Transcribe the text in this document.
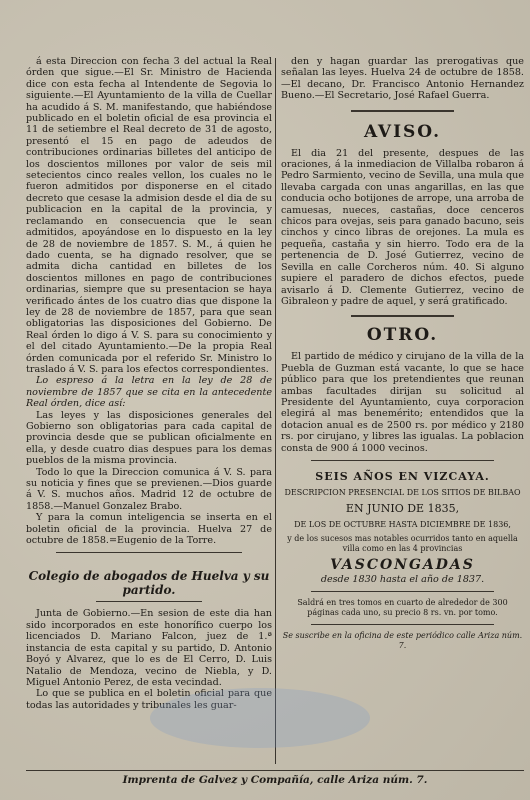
á esta Direccion con fecha 3 del actual la Real órden que sigue.—El Sr. Ministro de Hacienda dice con esta fecha al Intendente de Segovia lo siguiente.—El Ayuntamiento de la villa de Cuellar ha acudido á S. M. manifestando, que habiéndose publicado en el boletin oficial de esa provincia el 11 de setiembre el Real decreto de 31 de agosto, presentó el 15 en pago de adeudos de contribuciones ordinarias billetes del anticipo de los doscientos millones por valor de seis mil setecientos cinco reales vellon, los cuales no le fueron admitidos por disponerse en el citado decreto que cesase la admision desde el dia de su publicacion en la capital de la provincia, y reclamando en consecuencia que le sean admitidos, apoyándose en lo dispuesto en la ley de 28 de noviembre de 1857. S. M., á quien he dado cuenta, se ha dignado resolver, que se admita dicha cantidad en billetes de los doscientos millones en pago de contribuciones ordinarias, siempre que su presentacion se haya verificado ántes de los cuatro dias que dispone la ley de 28 de noviembre de 1857, para que sean obligatorias las disposiciones del Gobierno. De Real órden lo digo á V. S. para su conocimiento y el del citado Ayuntamiento.—De la propia Real órden comunicada por el referido Sr. Ministro lo traslado á V. S. para los efectos correspondientes.

Lo espreso á la letra en la ley de 28 de noviembre de 1857 que se cita en la antecedente Real órden, dice así:

Las leyes y las disposiciones generales del Gobierno son obligatorias para cada capital de provincia desde que se publican oficialmente en ella, y desde cuatro dias despues para los demas pueblos de la misma provincia.

Todo lo que la Direccion comunica á V. S. para su noticia y fines que se previenen.—Dios guarde á V. S. muchos años. Madrid 12 de octubre de 1858.—Manuel Gonzalez Brabo.

Y para la comun inteligencia se inserta en el boletin oficial de la provincia. Huelva 27 de octubre de 1858.=Eugenio de la Torre.

Colegio de abogados de Huelva y su partido.

Junta de Gobierno.—En sesion de este dia han sido incorporados en este honorífico cuerpo los licenciados D. Mariano Falcon, juez de 1.ª instancia de esta capital y su partido, D. Antonio Boyó y Alvarez, que lo es de El Cerro, D. Luis Natalio de Mendoza, vecino de Niebla, y D. Miguel Antonio Perez, de esta vecindad.

Lo que se publica en el boletin oficial para que todas las autoridades y tribunales les guar-

den y hagan guardar las prerogativas que señalan las leyes. Huelva 24 de octubre de 1858. —El decano, Dr. Francisco Antonio Hernandez Bueno.—El Secretario, José Rafael Guerra.

AVISO.

El dia 21 del presente, despues de las oraciones, á la inmediacion de Villalba robaron á Pedro Sarmiento, vecino de Sevilla, una mula que llevaba cargada con unas angarillas, en las que conducia ocho botijones de arrope, una arroba de camuesas, nueces, castañas, doce cenceros chicos para ovejas, seis para ganado bacuno, seis cinchos y cinco libras de orejones. La mula es pequeña, castaña y sin hierro. Todo era de la pertenencia de D. José Gutierrez, vecino de Sevilla en calle Corcheros núm. 40. Si alguno supiere el paradero de dichos efectos, puede avisarlo á D. Clemente Gutierrez, vecino de Gibraleon y padre de aquel, y será gratificado.

OTRO.

El partido de médico y cirujano de la villa de la Puebla de Guzman está vacante, lo que se hace público para que los pretendientes que reunan ambas facultades dirijan su solicitud al Presidente del Ayuntamiento, cuya corporacion elegirá al mas benemérito; entendidos que la dotacion anual es de 2500 rs. por médico y 2180 rs. por cirujano, y libres las igualas. La poblacion consta de 900 á 1000 vecinos.

SEIS AÑOS EN VIZCAYA.

DESCRIPCION PRESENCIAL DE LOS SITIOS DE BILBAO

EN JUNIO DE 1835,

DE LOS DE OCTUBRE HASTA DICIEMBRE DE 1836,

y de los sucesos mas notables ocurridos tanto en aquella villa como en las 4 provincias

VASCONGADAS

desde 1830 hasta el año de 1837.

Saldrá en tres tomos en cuarto de alrededor de 300 páginas cada uno, su precio 8 rs. vn. por tomo.

Se suscribe en la oficina de este periódico calle Ariza núm. 7.

Imprenta de Galvez y Compañía, calle Ariza núm. 7.
